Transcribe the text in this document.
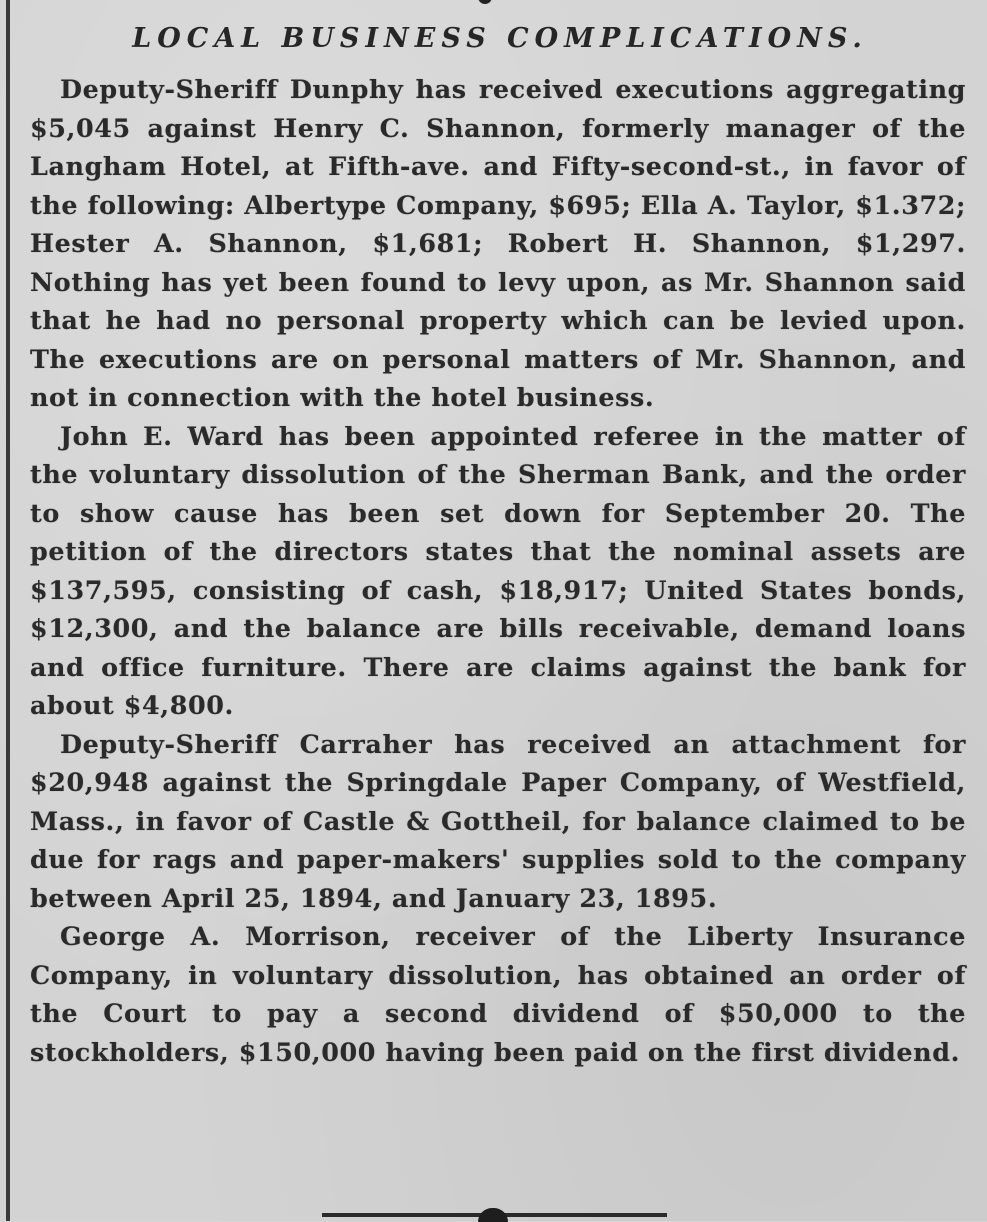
LOCAL BUSINESS COMPLICATIONS.

Deputy-Sheriff Dunphy has received executions aggregating $5,045 against Henry C. Shannon, formerly manager of the Langham Hotel, at Fifth-ave. and Fifty-second-st., in favor of the following: Albertype Company, $695; Ella A. Taylor, $1.372; Hester A. Shannon, $1,681; Robert H. Shannon, $1,297. Nothing has yet been found to levy upon, as Mr. Shannon said that he had no personal property which can be levied upon. The executions are on personal matters of Mr. Shannon, and not in connection with the hotel business.

John E. Ward has been appointed referee in the matter of the voluntary dissolution of the Sherman Bank, and the order to show cause has been set down for September 20. The petition of the directors states that the nominal assets are $137,595, consisting of cash, $18,917; United States bonds, $12,300, and the balance are bills receivable, demand loans and office furniture. There are claims against the bank for about $4,800.

Deputy-Sheriff Carraher has received an attachment for $20,948 against the Springdale Paper Company, of Westfield, Mass., in favor of Castle & Gottheil, for balance claimed to be due for rags and paper-makers' supplies sold to the company between April 25, 1894, and January 23, 1895.

George A. Morrison, receiver of the Liberty Insurance Company, in voluntary dissolution, has obtained an order of the Court to pay a second dividend of $50,000 to the stockholders, $150,000 having been paid on the first dividend.
